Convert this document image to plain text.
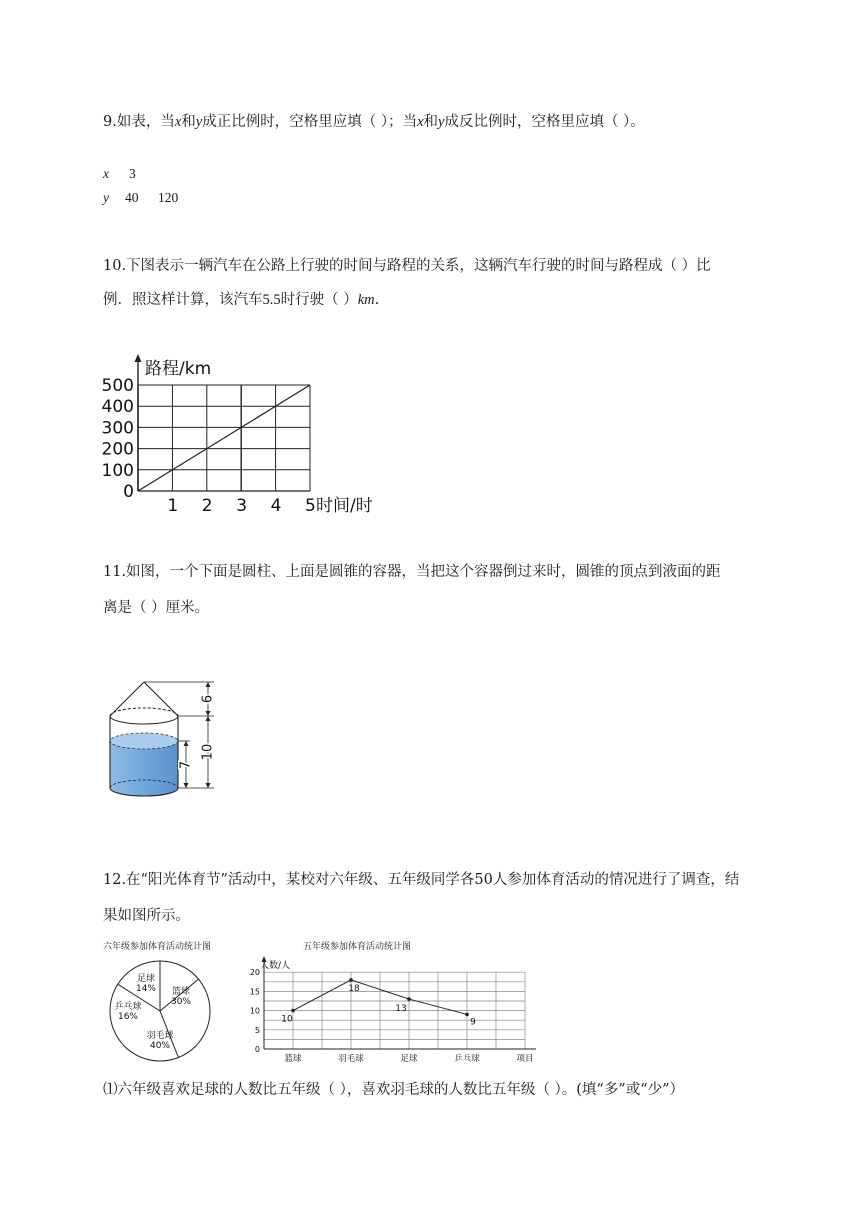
9.如表，当x和y成正比例时，空格里应填（ ）；当x和y成反比例时，空格里应填（ ）。
x 3
y 40 120
10.下图表示一辆汽车在公路上行驶的时间与路程的关系，这辆汽车行驶的时间与路程成（ ）比
例．照这样计算，该汽车5.5时行驶（ ）km.
500
400
300
200
100
0
1 2 3 4 5
路程/km
时间/时
11.如图，一个下面是圆柱、上面是圆锥的容器，当把这个容器倒过来时，圆锥的顶点到液面的距
离是（ ）厘米。
6
10
7
12.在“阳光体育节”活动中，某校对六年级、五年级同学各50人参加体育活动的情况进行了调查，结
果如图所示。
六年级参加体育活动统计图
足球
14% 篮球
30%
羽毛球
40%
乒乓球
16%
五年级参加体育活动统计图
0
5
10
15
20
人数/人
篮球	羽毛球	足球	乒乓球	项目
10
18
13
9
⑴六年级喜欢足球的人数比五年级（ ），喜欢羽毛球的人数比五年级（ ）。(填“多”或“少”）
